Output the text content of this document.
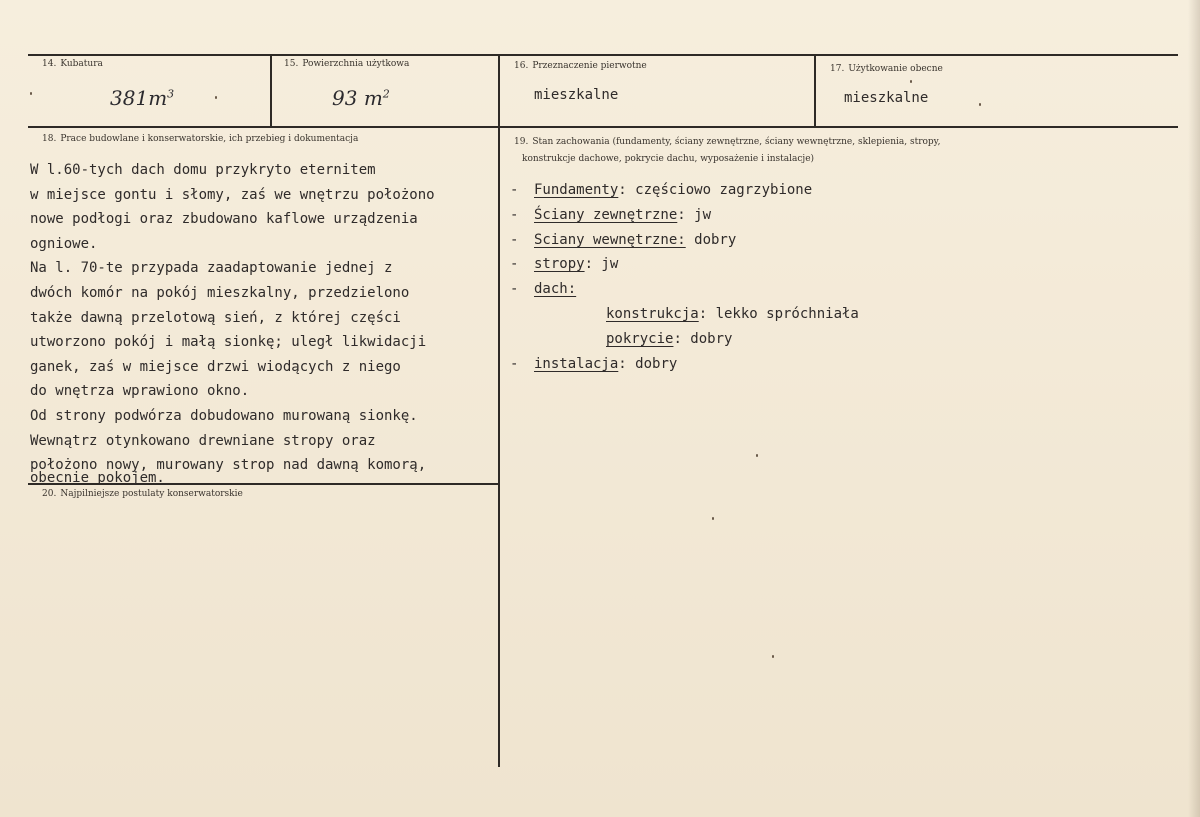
14. Kubatura
$381m^3$
15. Powierzchnia użytkowa
93 $m^2$
16. Przeznaczenie pierwotne
mieszkalne
17. Użytkowanie obecne
mieszkalne
18. Prace budowlane i konserwatorskie, ich przebieg i dokumentacja
W l.60-tych dach domu przykryto eternitem
w miejsce gontu i słomy, zaś we wnętrzu położono
nowe podłogi oraz zbudowano kaflowe urządzenia
ogniowe.
Na l. 70-te przypada zaadaptowanie jednej z
dwóch komór na pokój mieszkalny, przedzielono
także dawną przelotową sień, z której części
utworzono pokój i małą sionkę; uległ likwidacji
ganek, zaś w miejsce drzwi wiodących z niego
do wnętrza wprawiono okno.
Od strony podwórza dobudowano murowaną sionkę.
Wewnątrz otynkowano drewniane stropy oraz
położono nowy, murowany strop nad dawną komorą,
obecnie pokojem.
19. Stan zachowania (fundamenty, ściany zewnętrzne, ściany wewnętrzne, sklepienia, stropy,
konstrukcje dachowe, pokrycie dachu, wyposażenie i instalacje)
- Fundamenty: częściowo zagrzybione
- Ściany zewnętrzne: jw
- Sciany wewnętrzne: dobry
- stropy: jw
- dach:
konstrukcja: lekko spróchniała
pokrycie: dobry
- instalacja: dobry
20. Najpilniejsze postulaty konserwatorskie
